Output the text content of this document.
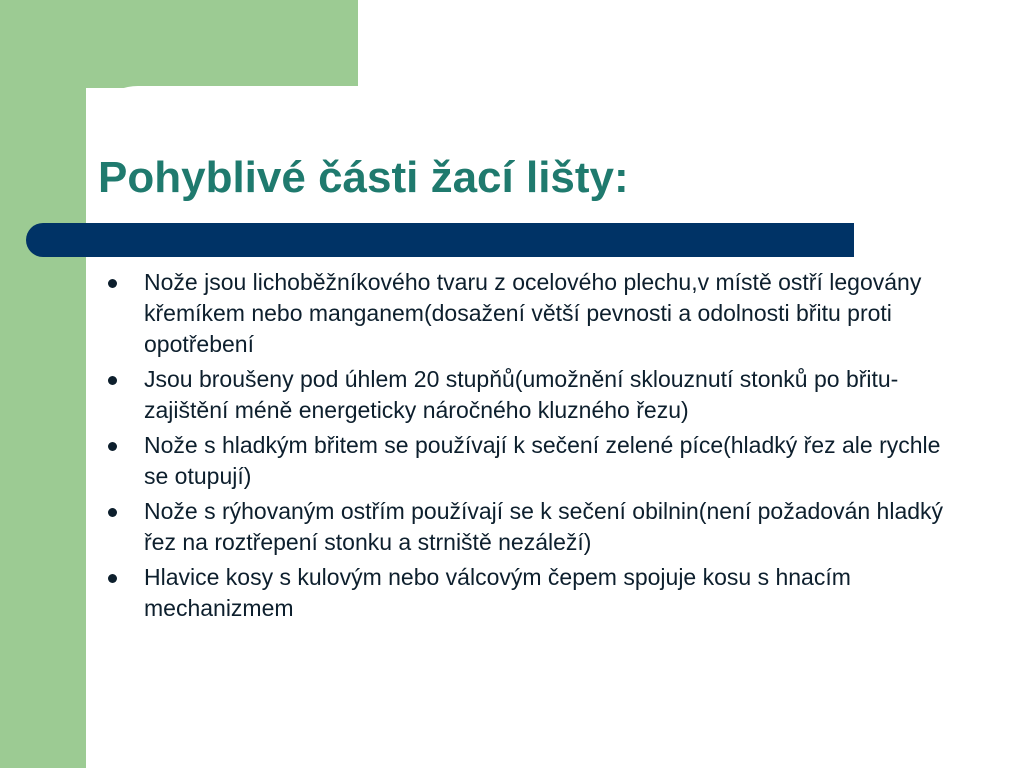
Pohyblivé části žací lišty:
Nože jsou lichoběžníkového tvaru z ocelového plechu,v místě ostří legovány křemíkem nebo manganem(dosažení větší pevnosti a odolnosti břitu proti opotřebení
Jsou broušeny pod úhlem 20 stupňů(umožnění sklouznutí stonků po břitu-zajištění méně energeticky náročného kluzného řezu)
Nože s hladkým břitem se používají k sečení zelené píce(hladký řez ale rychle se otupují)
Nože s rýhovaným ostřím používají se k sečení obilnin(není požadován hladký řez na roztřepení stonku a strniště nezáleží)
Hlavice kosy s kulovým nebo válcovým čepem spojuje kosu s hnacím mechanizmem
